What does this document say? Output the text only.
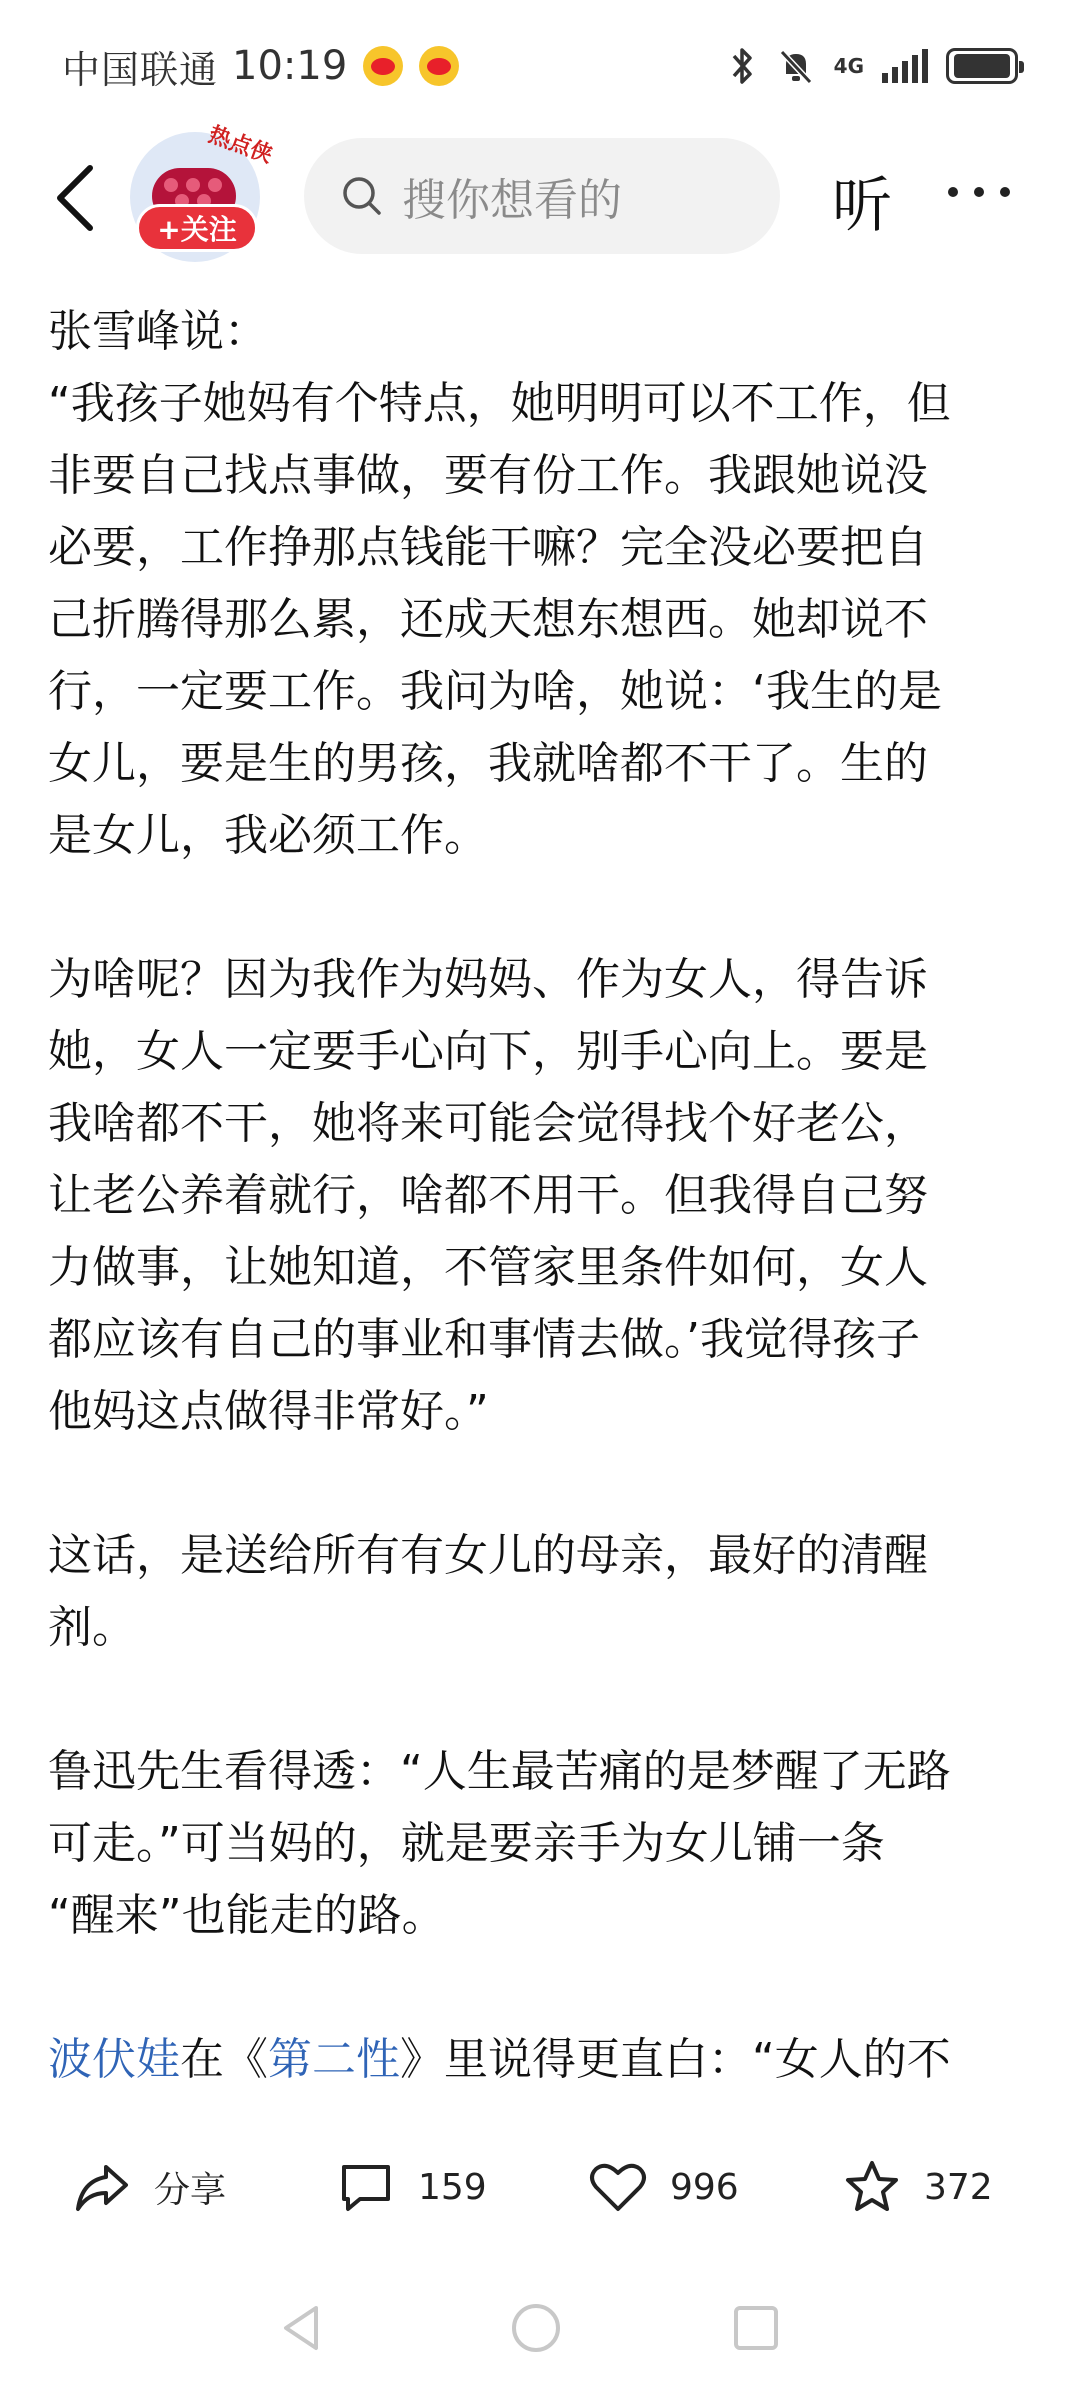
中国联通 10:19	4G
热点侠
+关注
搜你想看的	听

张雪峰说：

“我孩子她妈有个特点，她明明可以不工作，但

非要自己找点事做，要有份工作。我跟她说没

必要，工作挣那点钱能干嘛？完全没必要把自

己折腾得那么累，还成天想东想西。她却说不

行，一定要工作。我问为啥，她说：‘我生的是

女儿，要是生的男孩，我就啥都不干了。生的

是女儿，我必须工作。

为啥呢？因为我作为妈妈、作为女人，得告诉

她，女人一定要手心向下，别手心向上。要是

我啥都不干，她将来可能会觉得找个好老公，

让老公养着就行，啥都不用干。但我得自己努

力做事，让她知道，不管家里条件如何，女人

都应该有自己的事业和事情去做。’我觉得孩子

他妈这点做得非常好。”

这话，是送给所有有女儿的母亲，最好的清醒

剂。

鲁迅先生看得透：“人生最苦痛的是梦醒了无路

可走。”可当妈的，就是要亲手为女儿铺一条

“醒来”也能走的路。

波伏娃在《第二性》里说得更直白：“女人的不

分享	159	996	372
